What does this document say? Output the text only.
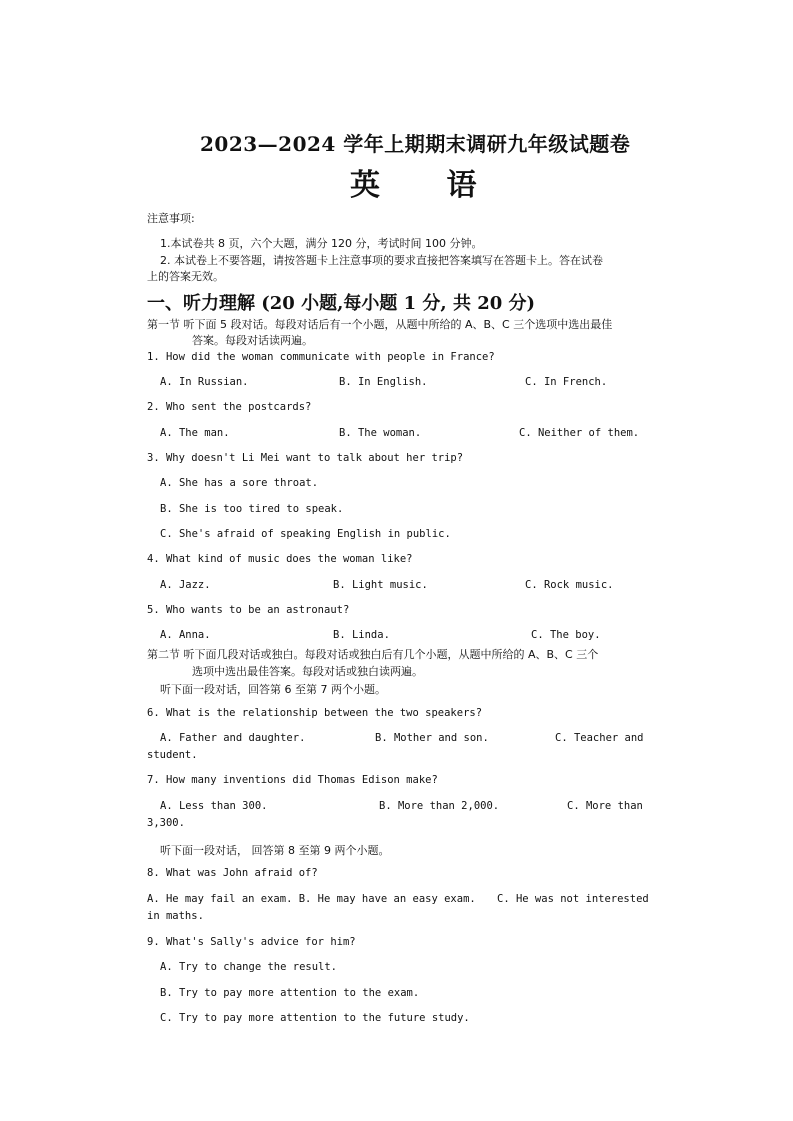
2023—2024 学年上期期末调研九年级试题卷
英 语
注意事项:
1.本试卷共 8 页，六个大题，满分 120 分，考试时间 100 分钟。
2. 本试卷上不要答题，请按答题卡上注意事项的要求直接把答案填写在答题卡上。答在试卷
上的答案无效。
一、听力理解 (20 小题,每小题 1 分, 共 20 分)
第一节 听下面 5 段对话。每段对话后有一个小题，从题中所给的 A、B、C 三个选项中选出最佳
答案。每段对话读两遍。
1. How did the woman communicate with people in France?
A. In Russian.	B. In English.	C. In French.
2. Who sent the postcards?
A. The man.	B. The woman.	C. Neither of them.
3. Why doesn't Li Mei want to talk about her trip?
A. She has a sore throat.
B. She is too tired to speak.
C. She's afraid of speaking English in public.
4. What kind of music does the woman like?
A. Jazz.	B. Light music.	C. Rock music.
5. Who wants to be an astronaut?
A. Anna.	B. Linda.	C. The boy.
第二节 听下面几段对话或独白。每段对话或独白后有几个小题，从题中所给的 A、B、C 三个
选项中选出最佳答案。每段对话或独白读两遍。
听下面一段对话，回答第 6 至第 7 两个小题。
6. What is the relationship between the two speakers?
A. Father and daughter.	B. Mother and son.	C. Teacher and
student.
7. How many inventions did Thomas Edison make?
A. Less than 300.	B. More than 2,000.	C. More than
3,300.
听下面一段对话， 回答第 8 至第 9 两个小题。
8. What was John afraid of?
A. He may fail an exam. B. He may have an easy exam. C. He was not interested
in maths.
9. What's Sally's advice for him?
A. Try to change the result.
B. Try to pay more attention to the exam.
C. Try to pay more attention to the future study.
